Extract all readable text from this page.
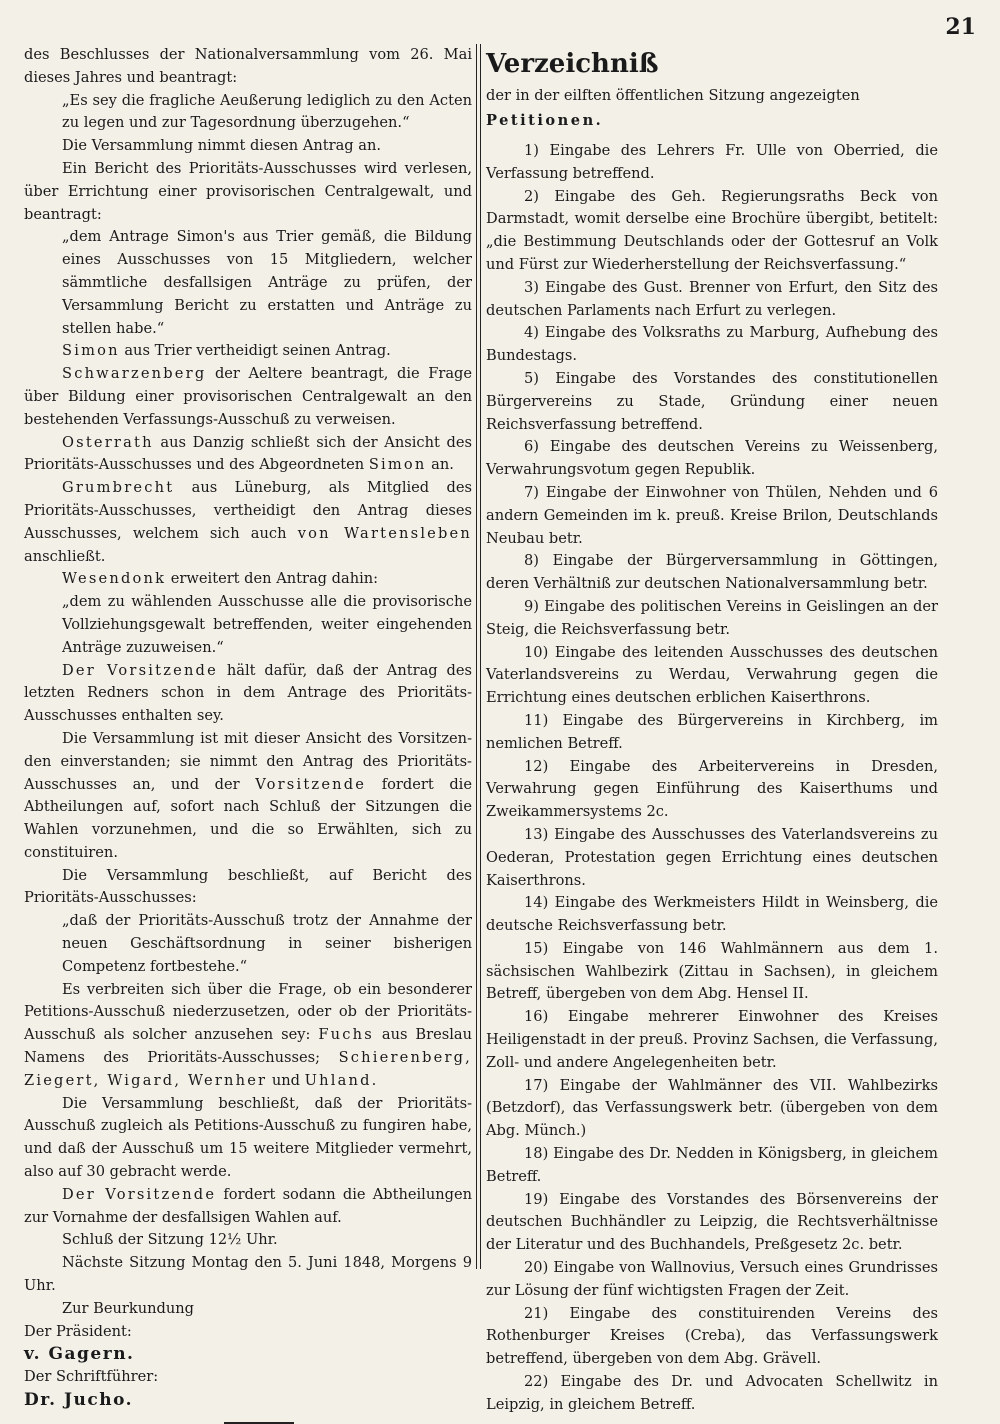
21

des Beschlusses der Nationalversammlung vom 26. Mai dieses Jahres und beantragt:

„Es sey die fragliche Aeußerung lediglich zu den Acten zu legen und zur Tagesordnung überzugehen.“

Die Versammlung nimmt diesen Antrag an.

Ein Bericht des Prioritäts-Ausschusses wird verlesen, über Errichtung einer provisorischen Centralgewalt, und beantragt:

„dem Antrage Simon's aus Trier gemäß, die Bildung eines Ausschusses von 15 Mitgliedern, welcher sämmtliche desfallsigen Anträge zu prüfen, der Versammlung Bericht zu erstatten und Anträge zu stellen habe.“

Simon aus Trier vertheidigt seinen Antrag.

Schwarzenberg der Aeltere beantragt, die Frage über Bildung einer provisorischen Centralgewalt an den bestehenden Verfassungs-Ausschuß zu verweisen.

Osterrath aus Danzig schließt sich der Ansicht des Prioritäts-Ausschusses und des Abgeordneten Simon an.

Grumbrecht aus Lüneburg, als Mitglied des Prioritäts-Ausschusses, vertheidigt den Antrag dieses Ausschusses, welchem sich auch von Wartensleben anschließt.

Wesendonk erweitert den Antrag dahin:

„dem zu wählenden Ausschusse alle die provisorische Vollziehungsgewalt betreffenden, weiter eingehenden Anträge zuzuweisen.“

Der Vorsitzende hält dafür, daß der Antrag des letzten Redners schon in dem Antrage des Prioritäts-Ausschusses enthalten sey.

Die Versammlung ist mit dieser Ansicht des Vorsitzenden einverstanden; sie nimmt den Antrag des Prioritäts-Ausschusses an, und der Vorsitzende fordert die Abtheilungen auf, sofort nach Schluß der Sitzungen die Wahlen vorzunehmen, und die so Erwählten, sich zu constituiren.

Die Versammlung beschließt, auf Bericht des Prioritäts-Ausschusses:

„daß der Prioritäts-Ausschuß trotz der Annahme der neuen Geschäftsordnung in seiner bisherigen Competenz fortbestehe.“

Es verbreiten sich über die Frage, ob ein besonderer Petitions-Ausschuß niederzusetzen, oder ob der Prioritäts-Ausschuß als solcher anzusehen sey: Fuchs aus Breslau Namens des Prioritäts-Ausschusses; Schierenberg, Ziegert, Wigard, Wernher und Uhland.

Die Versammlung beschließt, daß der Prioritäts-Ausschuß zugleich als Petitions-Ausschuß zu fungiren habe, und daß der Ausschuß um 15 weitere Mitglieder vermehrt, also auf 30 gebracht werde.

Der Vorsitzende fordert sodann die Abtheilungen zur Vornahme der desfallsigen Wahlen auf.

Schluß der Sitzung 12½ Uhr.

Nächste Sitzung Montag den 5. Juni 1848, Morgens 9 Uhr.

Zur Beurkundung

Der Präsident:

v. Gagern.

Der Schriftführer:

Dr. Jucho.

Verzeichniß

der in der eilften öffentlichen Sitzung angezeigten

Petitionen.

1) Eingabe des Lehrers Fr. Ulle von Oberried, die Verfassung betreffend.

2) Eingabe des Geh. Regierungsraths Beck von Darmstadt, womit derselbe eine Brochüre übergibt, betitelt: „die Bestimmung Deutschlands oder der Gottesruf an Volk und Fürst zur Wiederherstellung der Reichsverfassung.“

3) Eingabe des Gust. Brenner von Erfurt, den Sitz des deutschen Parlaments nach Erfurt zu verlegen.

4) Eingabe des Volksraths zu Marburg, Aufhebung des Bundestags.

5) Eingabe des Vorstandes des constitutionellen Bürgervereins zu Stade, Gründung einer neuen Reichsverfassung betreffend.

6) Eingabe des deutschen Vereins zu Weissenberg, Verwahrungsvotum gegen Republik.

7) Eingabe der Einwohner von Thülen, Nehden und 6 andern Gemeinden im k. preuß. Kreise Brilon, Deutschlands Neubau betr.

8) Eingabe der Bürgerversammlung in Göttingen, deren Verhältniß zur deutschen Nationalversammlung betr.

9) Eingabe des politischen Vereins in Geislingen an der Steig, die Reichsverfassung betr.

10) Eingabe des leitenden Ausschusses des deutschen Vaterlandsvereins zu Werdau, Verwahrung gegen die Errichtung eines deutschen erblichen Kaiserthrons.

11) Eingabe des Bürgervereins in Kirchberg, im nemlichen Betreff.

12) Eingabe des Arbeitervereins in Dresden, Verwahrung gegen Einführung des Kaiserthums und Zweikammersystems 2c.

13) Eingabe des Ausschusses des Vaterlandsvereins zu Oederan, Protestation gegen Errichtung eines deutschen Kaiserthrons.

14) Eingabe des Werkmeisters Hildt in Weinsberg, die deutsche Reichsverfassung betr.

15) Eingabe von 146 Wahlmännern aus dem 1. sächsischen Wahlbezirk (Zittau in Sachsen), in gleichem Betreff, übergeben von dem Abg. Hensel II.

16) Eingabe mehrerer Einwohner des Kreises Heiligenstadt in der preuß. Provinz Sachsen, die Verfassung, Zoll- und andere Angelegenheiten betr.

17) Eingabe der Wahlmänner des VII. Wahlbezirks (Betzdorf), das Verfassungswerk betr. (übergeben von dem Abg. Münch.)

18) Eingabe des Dr. Nedden in Königsberg, in gleichem Betreff.

19) Eingabe des Vorstandes des Börsenvereins der deutschen Buchhändler zu Leipzig, die Rechtsverhältnisse der Literatur und des Buchhandels, Preßgesetz 2c. betr.

20) Eingabe von Wallnovius, Versuch eines Grundrisses zur Lösung der fünf wichtigsten Fragen der Zeit.

21) Eingabe des constituirenden Vereins des Rothenburger Kreises (Creba), das Verfassungswerk betreffend, übergeben von dem Abg. Grävell.

22) Eingabe des Dr. und Advocaten Schellwitz in Leipzig, in gleichem Betreff.
